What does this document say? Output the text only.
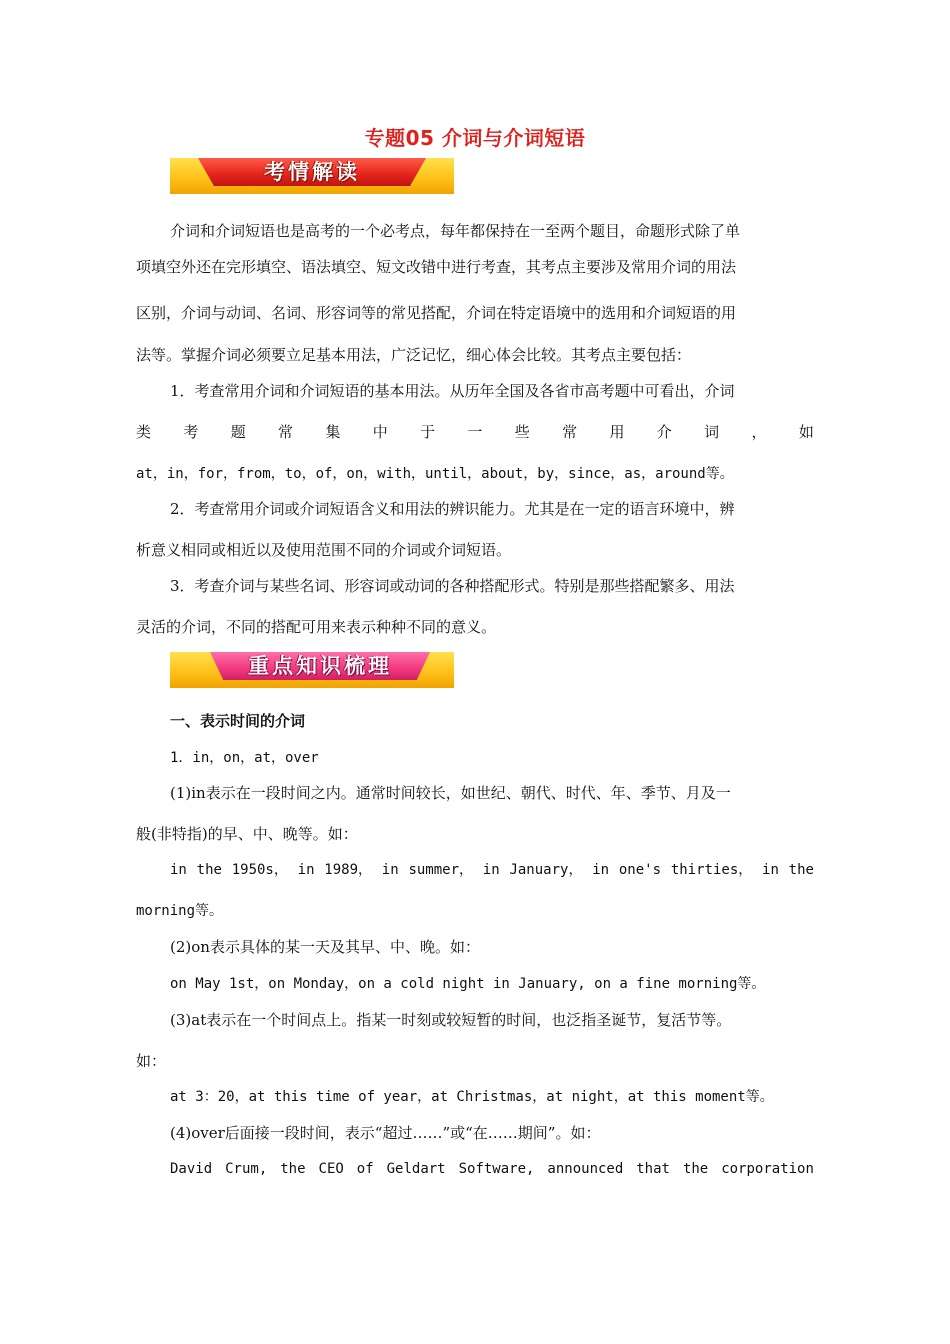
专题05 介词与介词短语
考情解读
介词和介词短语也是高考的一个必考点，每年都保持在一至两个题目，命题形式除了单
项填空外还在完形填空、语法填空、短文改错中进行考查，其考点主要涉及常用介词的用法
区别，介词与动词、名词、形容词等的常见搭配，介词在特定语境中的选用和介词短语的用
法等。掌握介词必须要立足基本用法，广泛记忆，细心体会比较。其考点主要包括：
1．考查常用介词和介词短语的基本用法。从历年全国及各省市高考题中可看出，介词
类 考 题 常 集 中 于 一 些 常 用 介 词 ， 如
at，in，for，from，to，of，on，with，until，about，by，since，as，around等。
2．考查常用介词或介词短语含义和用法的辨识能力。尤其是在一定的语言环境中，辨
析意义相同或相近以及使用范围不同的介词或介词短语。
3．考查介词与某些名词、形容词或动词的各种搭配形式。特别是那些搭配繁多、用法
灵活的介词，不同的搭配可用来表示种种不同的意义。
重点知识梳理
一、表示时间的介词
1．in，on，at，over
(1)in表示在一段时间之内。通常时间较长，如世纪、朝代、时代、年、季节、月及一
般(非特指)的早、中、晚等。如：
in the 1950s， in 1989， in summer， in January， in one's thirties， in the
morning等。
(2)on表示具体的某一天及其早、中、晚。如：
on May 1st，on Monday，on a cold night in January, on a fine morning等。
(3)at表示在一个时间点上。指某一时刻或较短暂的时间，也泛指圣诞节，复活节等。
如：
at 3：20，at this time of year，at Christmas，at night，at this moment等。
(4)over后面接一段时间，表示“超过……”或“在……期间”。如：
David Crum, the CEO of Geldart Software, announced that the corporation
